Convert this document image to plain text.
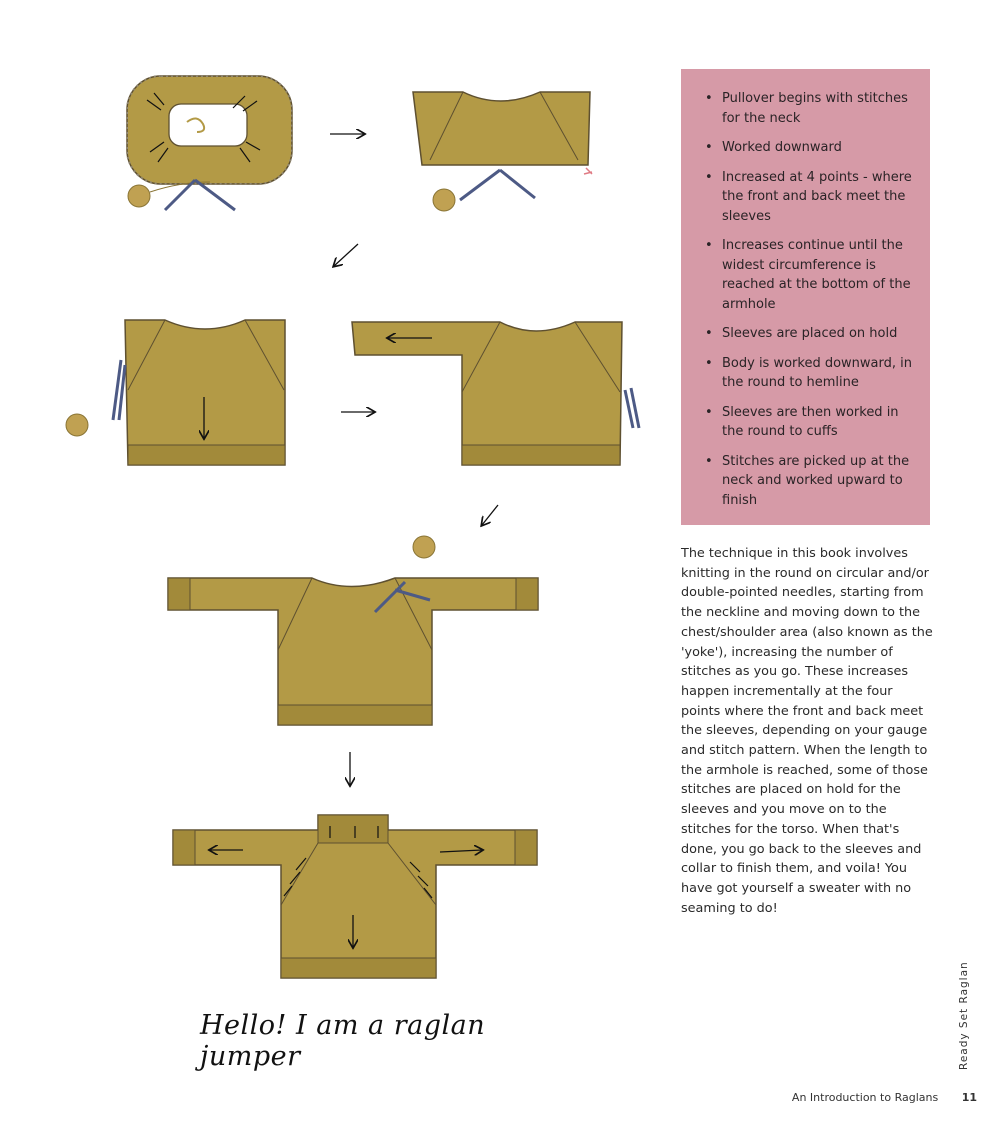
• Pullover begins with stitches for the neck
• Worked downward
• Increased at 4 points - where the front and back meet the sleeves
• Increases continue until the widest circumference is reached at the bottom of the armhole
• Sleeves are placed on hold
• Body is worked downward, in the round to hemline
• Sleeves are then worked in the round to cuffs
• Stitches are picked up at the neck and worked upward to finish

The technique in this book involves knitting in the round on circular and/or double-pointed needles, starting from the neckline and moving down to the chest/shoulder area (also known as the 'yoke'), increasing the number of stitches as you go. These increases happen incrementally at the four points where the front and back meet the sleeves, depending on your gauge and stitch pattern. When the length to the armhole is reached, some of those stitches are placed on hold for the sleeves and you move on to the stitches for the torso. When that's done, you go back to the sleeves and collar to finish them, and voila! You have got yourself a sweater with no seaming to do!

Hello! I am a raglan jumper	Ready Set Raglan
An Introduction to Raglans 11
